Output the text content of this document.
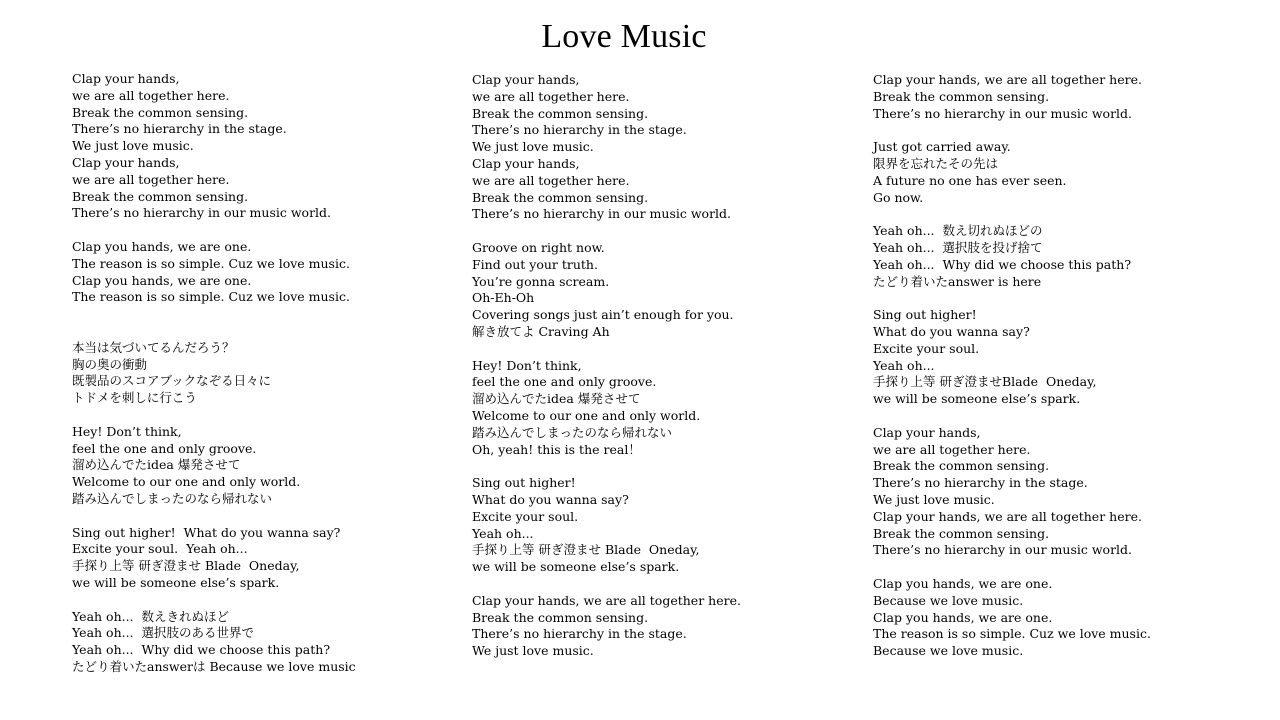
Love Music
Clap your hands,
we are all together here.
Break the common sensing.
There’s no hierarchy in the stage.
We just love music.
Clap your hands,
we are all together here.
Break the common sensing.
There’s no hierarchy in our music world.
Clap you hands, we are one.
The reason is so simple. Cuz we love music.
Clap you hands, we are one.
The reason is so simple. Cuz we love music.
本当は気づいてるんだろう？
胸の奥の衝動
既製品のスコアブックなぞる日々に
トドメを刺しに行こう
Hey! Don’t think,
feel the one and only groove.
溜め込んでたidea 爆発させて
Welcome to our one and only world.
踏み込んでしまったのなら帰れない
Sing out higher!  What do you wanna say?
Excite your soul.  Yeah oh...
手探り上等 研ぎ澄ませ Blade  Oneday,
we will be someone else’s spark.
Yeah oh...  数えきれぬほど
Yeah oh...  選択肢のある世界で
Yeah oh...  Why did we choose this path?
たどり着いたanswerは Because we love music
Clap your hands,
we are all together here.
Break the common sensing.
There’s no hierarchy in the stage.
We just love music.
Clap your hands,
we are all together here.
Break the common sensing.
There’s no hierarchy in our music world.
Groove on right now.
Find out your truth.
You’re gonna scream.
Oh-Eh-Oh
Covering songs just ain’t enough for you.
解き放てよ Craving Ah
Hey! Don’t think,
feel the one and only groove.
溜め込んでたidea 爆発させて
Welcome to our one and only world.
踏み込んでしまったのなら帰れない
Oh, yeah! this is the real！
Sing out higher!
What do you wanna say?
Excite your soul.
Yeah oh...
手探り上等 研ぎ澄ませ Blade  Oneday,
we will be someone else’s spark.
Clap your hands, we are all together here.
Break the common sensing.
There’s no hierarchy in the stage.
We just love music.
Clap your hands, we are all together here.
Break the common sensing.
There’s no hierarchy in our music world.
Just got carried away.
限界を忘れたその先は
A future no one has ever seen.
Go now.
Yeah oh...  数え切れぬほどの
Yeah oh...  選択肢を投げ捨て
Yeah oh...  Why did we choose this path?
たどり着いたanswer is here
Sing out higher!
What do you wanna say?
Excite your soul.
Yeah oh...
手探り上等 研ぎ澄ませBlade  Oneday,
we will be someone else’s spark.
Clap your hands,
we are all together here.
Break the common sensing.
There’s no hierarchy in the stage.
We just love music.
Clap your hands, we are all together here.
Break the common sensing.
There’s no hierarchy in our music world.
Clap you hands, we are one.
Because we love music.
Clap you hands, we are one.
The reason is so simple. Cuz we love music.
Because we love music.
